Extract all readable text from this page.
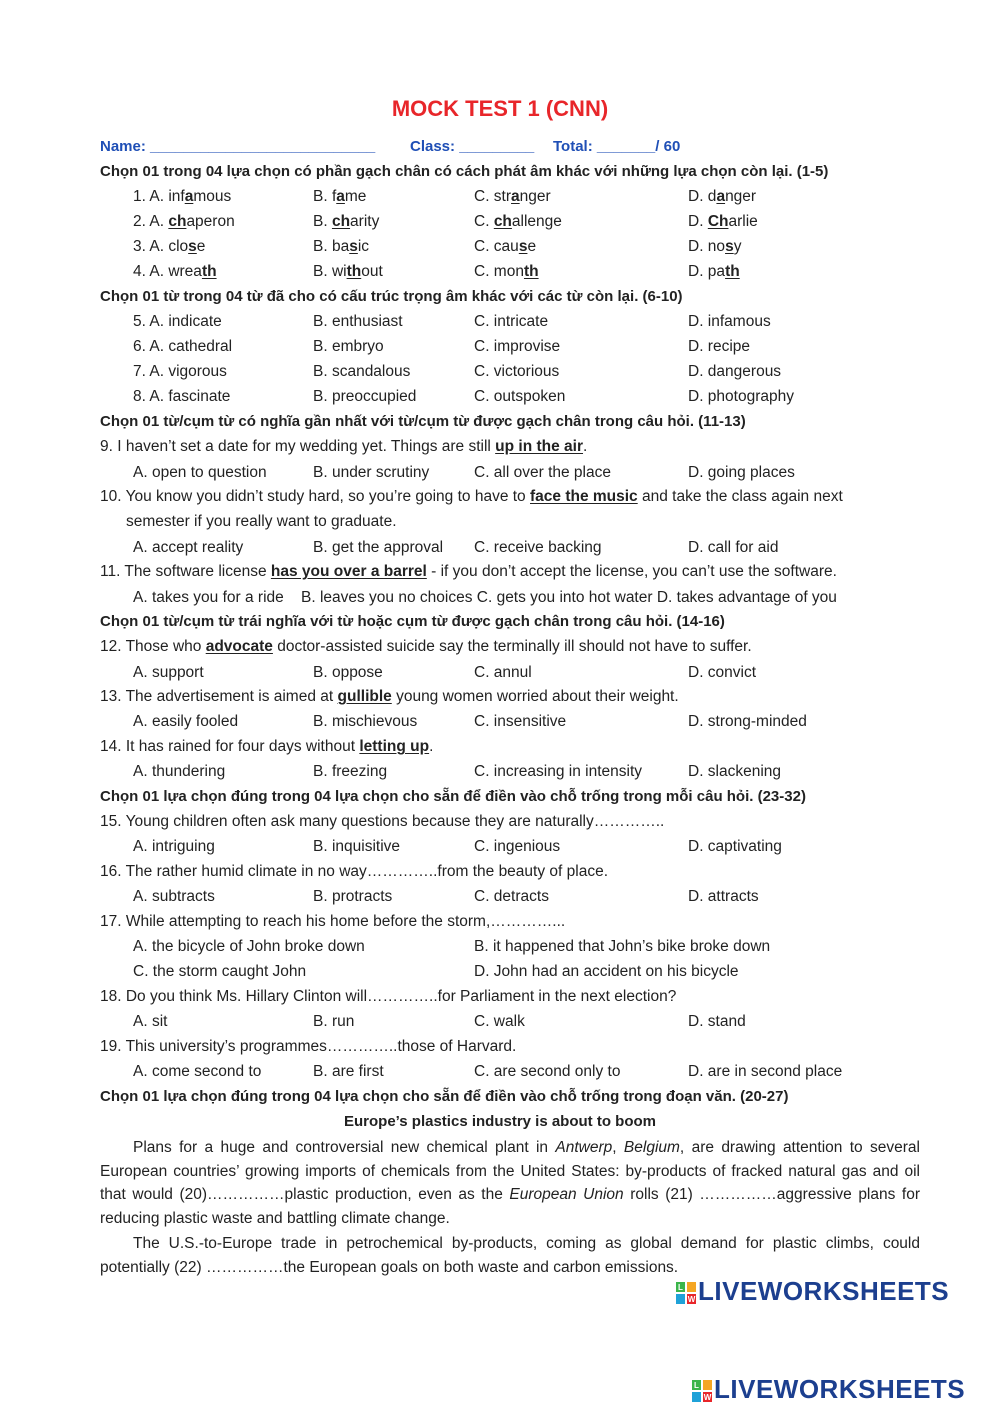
MOCK TEST 1 (CNN)
Name: ___________________________ Class: _________ Total: _______/ 60
Chọn 01 trong 04 lựa chọn có phần gạch chân có cách phát âm khác với những lựa chọn còn lại. (1-5)
1. A. infamous	B. fame	C. stranger	D. danger
2. A. chaperon	B. charity	C. challenge	D. Charlie
3. A. close	B. basic	C. cause	D. nosy
4. A. wreath	B. without	C. month	D. path
Chọn 01 từ trong 04 từ đã cho có cấu trúc trọng âm khác với các từ còn lại. (6-10)
5. A. indicate	B. enthusiast	C. intricate	D. infamous
6. A. cathedral	B. embryo	C. improvise	D. recipe
7. A. vigorous	B. scandalous	C. victorious	D. dangerous
8. A. fascinate	B. preoccupied	C. outspoken	D. photography
Chọn 01 từ/cụm từ có nghĩa gần nhất với từ/cụm từ được gạch chân trong câu hỏi. (11-13)
9. I haven’t set a date for my wedding yet. Things are still up in the air.
A. open to question	B. under scrutiny	C. all over the place	D. going places
10. You know you didn’t study hard, so you’re going to have to face the music and take the class again next
semester if you really want to graduate.
A. accept reality	B. get the approval C. receive backing	D. call for aid
11. The software license has you over a barrel - if you don’t accept the license, you can’t use the software.
A. takes you for a ride    B. leaves you no choices C. gets you into hot water D. takes advantage of you
Chọn 01 từ/cụm từ trái nghĩa với từ hoặc cụm từ được gạch chân trong câu hỏi. (14-16)
12. Those who advocate doctor-assisted suicide say the terminally ill should not have to suffer.
A. support	B. oppose	C. annul	D. convict
13. The advertisement is aimed at gullible young women worried about their weight.
A. easily fooled	B. mischievous	C. insensitive	D. strong-minded
14. It has rained for four days without letting up.
A. thundering	B. freezing	C. increasing in intensity	D. slackening
Chọn 01 lựa chọn đúng trong 04 lựa chọn cho sẵn để điền vào chỗ trống trong mỗi câu hỏi. (23-32)
15. Young children often ask many questions because they are naturally…………..
A. intriguing	B. inquisitive	C. ingenious	D. captivating
16. The rather humid climate in no way…………..from the beauty of place.
A. subtracts	B. protracts	C. detracts	D. attracts
17. While attempting to reach his home before the storm,…………...
A. the bicycle of John broke down	B. it happened that John’s bike broke down
C. the storm caught John	D. John had an accident on his bicycle
18. Do you think Ms. Hillary Clinton will…………..for Parliament in the next election?
A. sit	B. run	C. walk	D. stand
19. This university’s programmes…………..those of Harvard.
A. come second to	B. are first	C. are second only to	D. are in second place
Chọn 01 lựa chọn đúng trong 04 lựa chọn cho sẵn để điền vào chỗ trống trong đoạn văn. (20-27)
Europe’s plastics industry is about to boom
Plans for a huge and controversial new chemical plant in Antwerp, Belgium, are drawing attention to several European countries’ growing imports of chemicals from the United States: by-products of fracked natural gas and oil that would (20)……………plastic production, even as the European Union rolls (21) ……………aggressive plans for reducing plastic waste and battling climate change.
The U.S.-to-Europe trade in petrochemical by-products, coming as global demand for plastic climbs, could potentially (22) ……………the European goals on both waste and carbon emissions.
L
W LIVEWORKSHEETS
L
W LIVEWORKSHEETS
